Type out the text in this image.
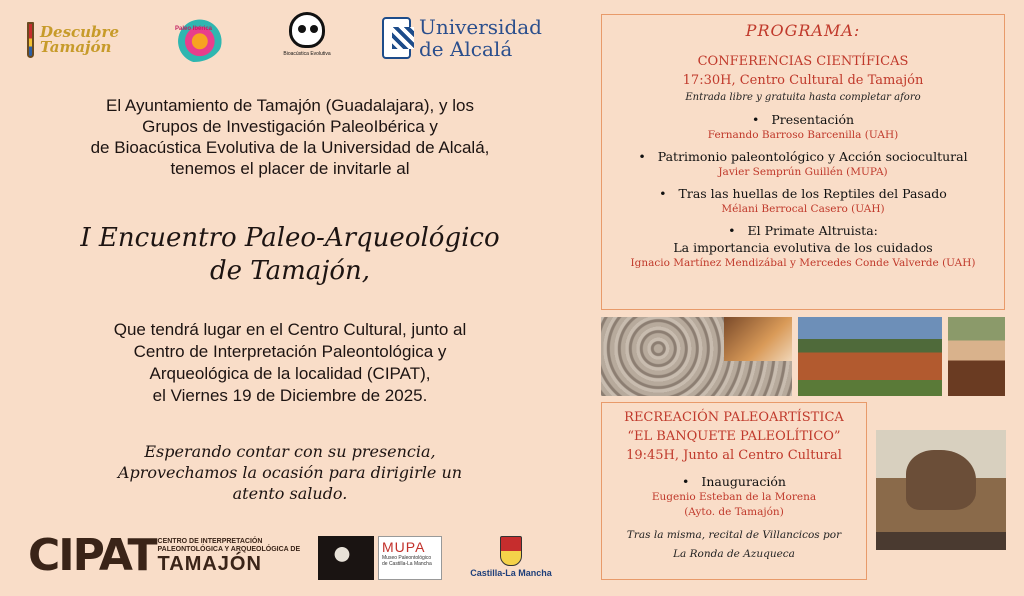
Descubre Tamajón
Paleo Ibérica
Bioacústica Evolutiva
Universidad
de Alcalá
El Ayuntamiento de Tamajón (Guadalajara), y los
Grupos de Investigación PaleoIbérica y
de Bioacústica Evolutiva de la Universidad de Alcalá,
tenemos el placer de invitarle al
I Encuentro Paleo-Arqueológico
de Tamajón,
Que tendrá lugar en el Centro Cultural, junto al
Centro de Interpretación Paleontológica y
Arqueológica de la localidad (CIPAT),
el Viernes 19 de Diciembre de 2025.
Esperando contar con su presencia,
Aprovechamos la ocasión para dirigirle un
atento saludo.
CIPAT CENTRO DE INTERPRETACIÓN
PALEONTOLÓGICA Y ARQUEOLÓGICA DE
TAMAJÓN
MUPA
Museo Paleontológico de Castilla-La Mancha
Castilla-La Mancha
PROGRAMA:
CONFERENCIAS CIENTÍFICAS
17:30H, Centro Cultural de Tamajón
Entrada libre y gratuita hasta completar aforo
• Presentación
Fernando Barroso Barcenilla (UAH)
• Patrimonio paleontológico y Acción sociocultural
Javier Semprún Guillén (MUPA)
• Tras las huellas de los Reptiles del Pasado
Mélani Berrocal Casero (UAH)
• El Primate Altruista:
La importancia evolutiva de los cuidados
Ignacio Martínez Mendizábal y Mercedes Conde Valverde (UAH)
RECREACIÓN PALEOARTÍSTICA
“EL BANQUETE PALEOLÍTICO”
19:45H, Junto al Centro Cultural
• Inauguración
Eugenio Esteban de la Morena
(Ayto. de Tamajón)
Tras la misma, recital de Villancicos por
La Ronda de Azuqueca
